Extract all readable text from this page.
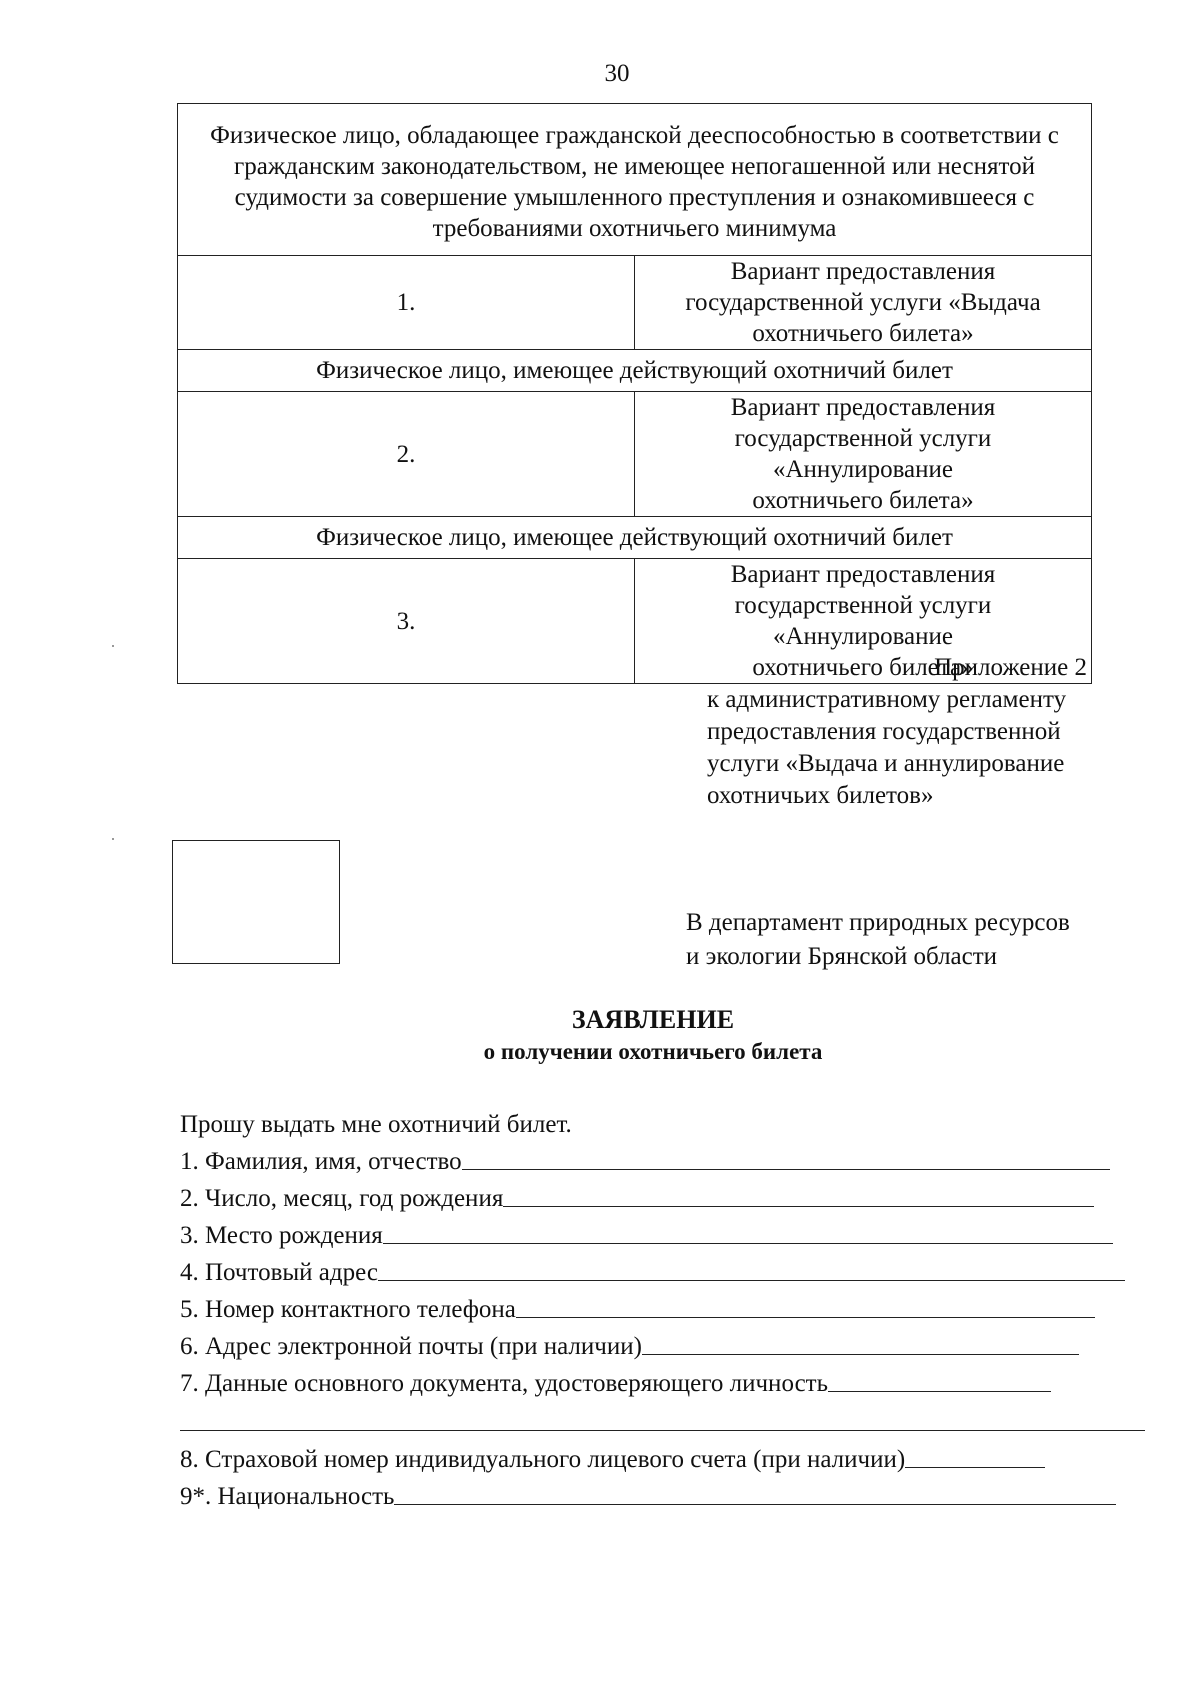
30
Физическое лицо, обладающее гражданской дееспособностью в соответствии с гражданским законодательством, не имеющее непогашенной или неснятой судимости за совершение умышленного преступления и ознакомившееся с требованиями охотничьего минимума	
1.	Вариант предоставления государственной услуги «Выдача охотничьего билета»
Физическое лицо, имеющее действующий охотничий билет	
2.	Вариант предоставления государственной услуги «Аннулирование охотничьего билета»
Физическое лицо, имеющее действующий охотничий билет	
3.	Вариант предоставления государственной услуги «Аннулирование охотничьего билета»
Приложение 2
к административному регламенту
предоставления государственной
услуги «Выдача и аннулирование
охотничьих билетов»
В департамент природных ресурсов
и экологии Брянской области
ЗАЯВЛЕНИЕ
о получении охотничьего билета
Прошу выдать мне охотничий билет.
1. Фамилия, имя, отчество
2. Число, месяц, год рождения
3. Место рождения
4. Почтовый адрес
5. Номер контактного телефона
6. Адрес электронной почты (при наличии)
7. Данные основного документа, удостоверяющего личность
8. Страховой номер индивидуального лицевого счета (при наличии)
9*. Национальность
